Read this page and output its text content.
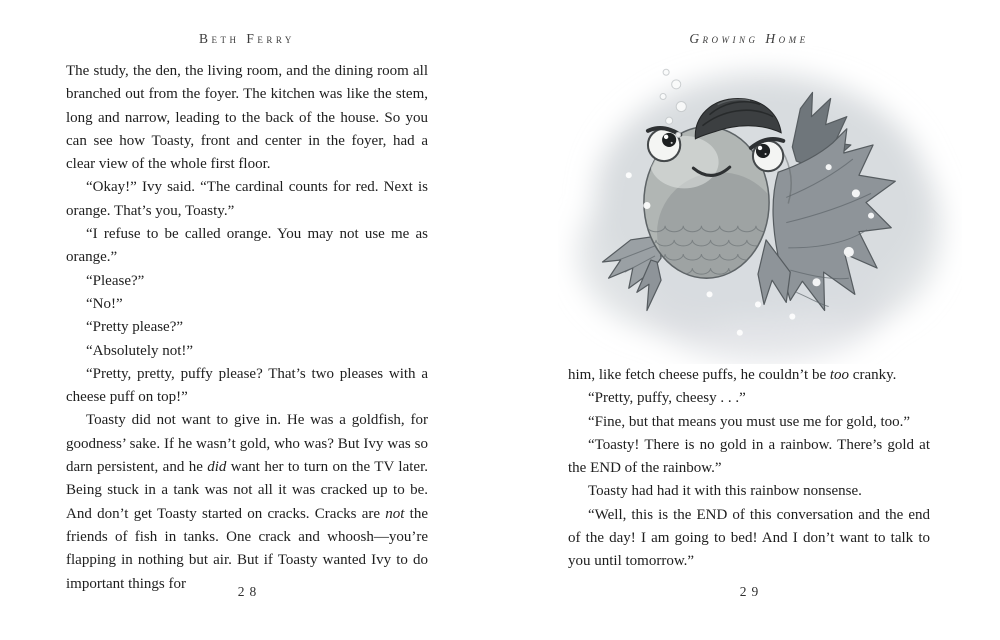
Beth Ferry

The study, the den, the living room, and the dining room all branched out from the foyer. The kitchen was like the stem, long and narrow, leading to the back of the house. So you can see how Toasty, front and center in the foyer, had a clear view of the whole first floor.

“Okay!” Ivy said. “The cardinal counts for red. Next is orange. That’s you, Toasty.”

“I refuse to be called orange. You may not use me as orange.”

“Please?”

“No!”

“Pretty please?”

“Absolutely not!”

“Pretty, pretty, puffy please? That’s two pleases with a cheese puff on top!”

Toasty did not want to give in. He was a goldfish, for goodness’ sake. If he wasn’t gold, who was? But Ivy was so darn persistent, and he did want her to turn on the TV later. Being stuck in a tank was not all it was cracked up to be. And don’t get Toasty started on cracks. Cracks are not the friends of fish in tanks. One crack and whoosh—you’re flapping in nothing but air. But if Toasty wanted Ivy to do important things for	28
Growing Home

him, like fetch cheese puffs, he couldn’t be too cranky.

“Pretty, puffy, cheesy . . .”

“Fine, but that means you must use me for gold, too.”

“Toasty! There is no gold in a rainbow. There’s gold at the END of the rainbow.”

Toasty had had it with this rainbow nonsense.

“Well, this is the END of this conversation and the end of the day! I am going to bed! And I don’t want to talk to you until tomorrow.”

29
